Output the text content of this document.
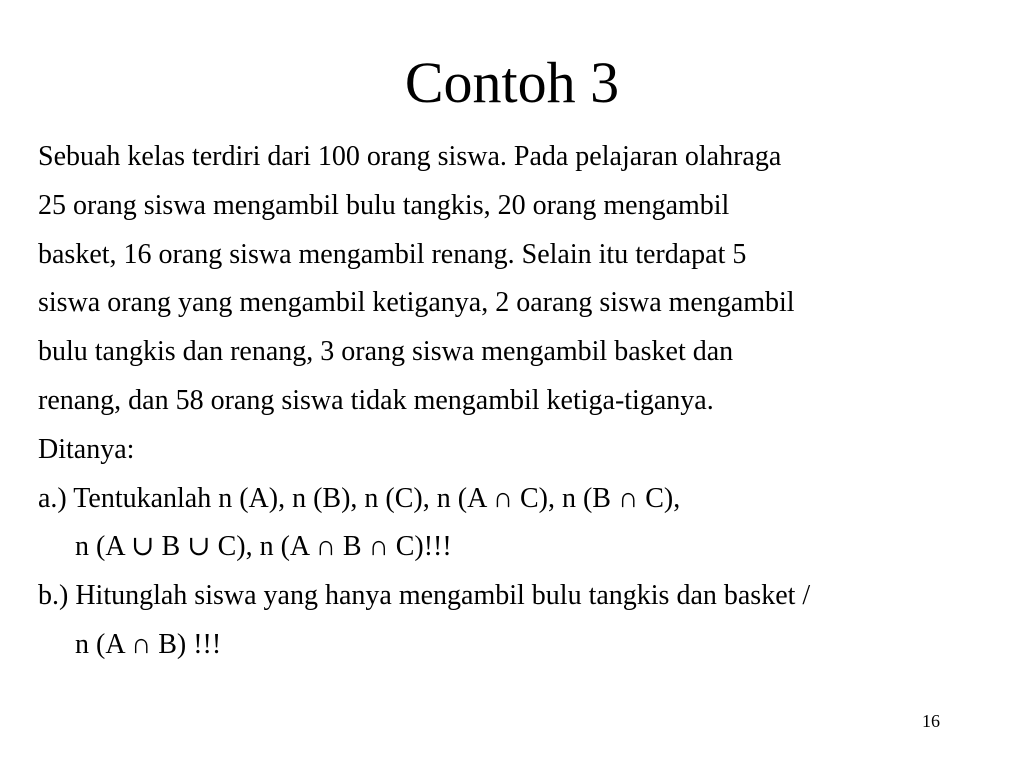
Contoh 3
Sebuah kelas terdiri dari 100 orang siswa. Pada pelajaran olahraga
25 orang siswa mengambil bulu tangkis, 20 orang mengambil
basket, 16 orang siswa mengambil renang. Selain itu terdapat 5
siswa orang yang mengambil ketiganya, 2 oarang siswa mengambil
bulu tangkis dan renang, 3 orang siswa mengambil basket dan
renang, dan 58 orang siswa tidak mengambil ketiga-tiganya.
Ditanya:
a.) Tentukanlah n (A), n (B), n (C), n (A ∩ C), n (B ∩ C),
n (A ∪ B ∪ C), n (A ∩ B ∩ C)!!!
b.) Hitunglah siswa yang hanya mengambil bulu tangkis dan basket /
n (A ∩ B) !!!
16
